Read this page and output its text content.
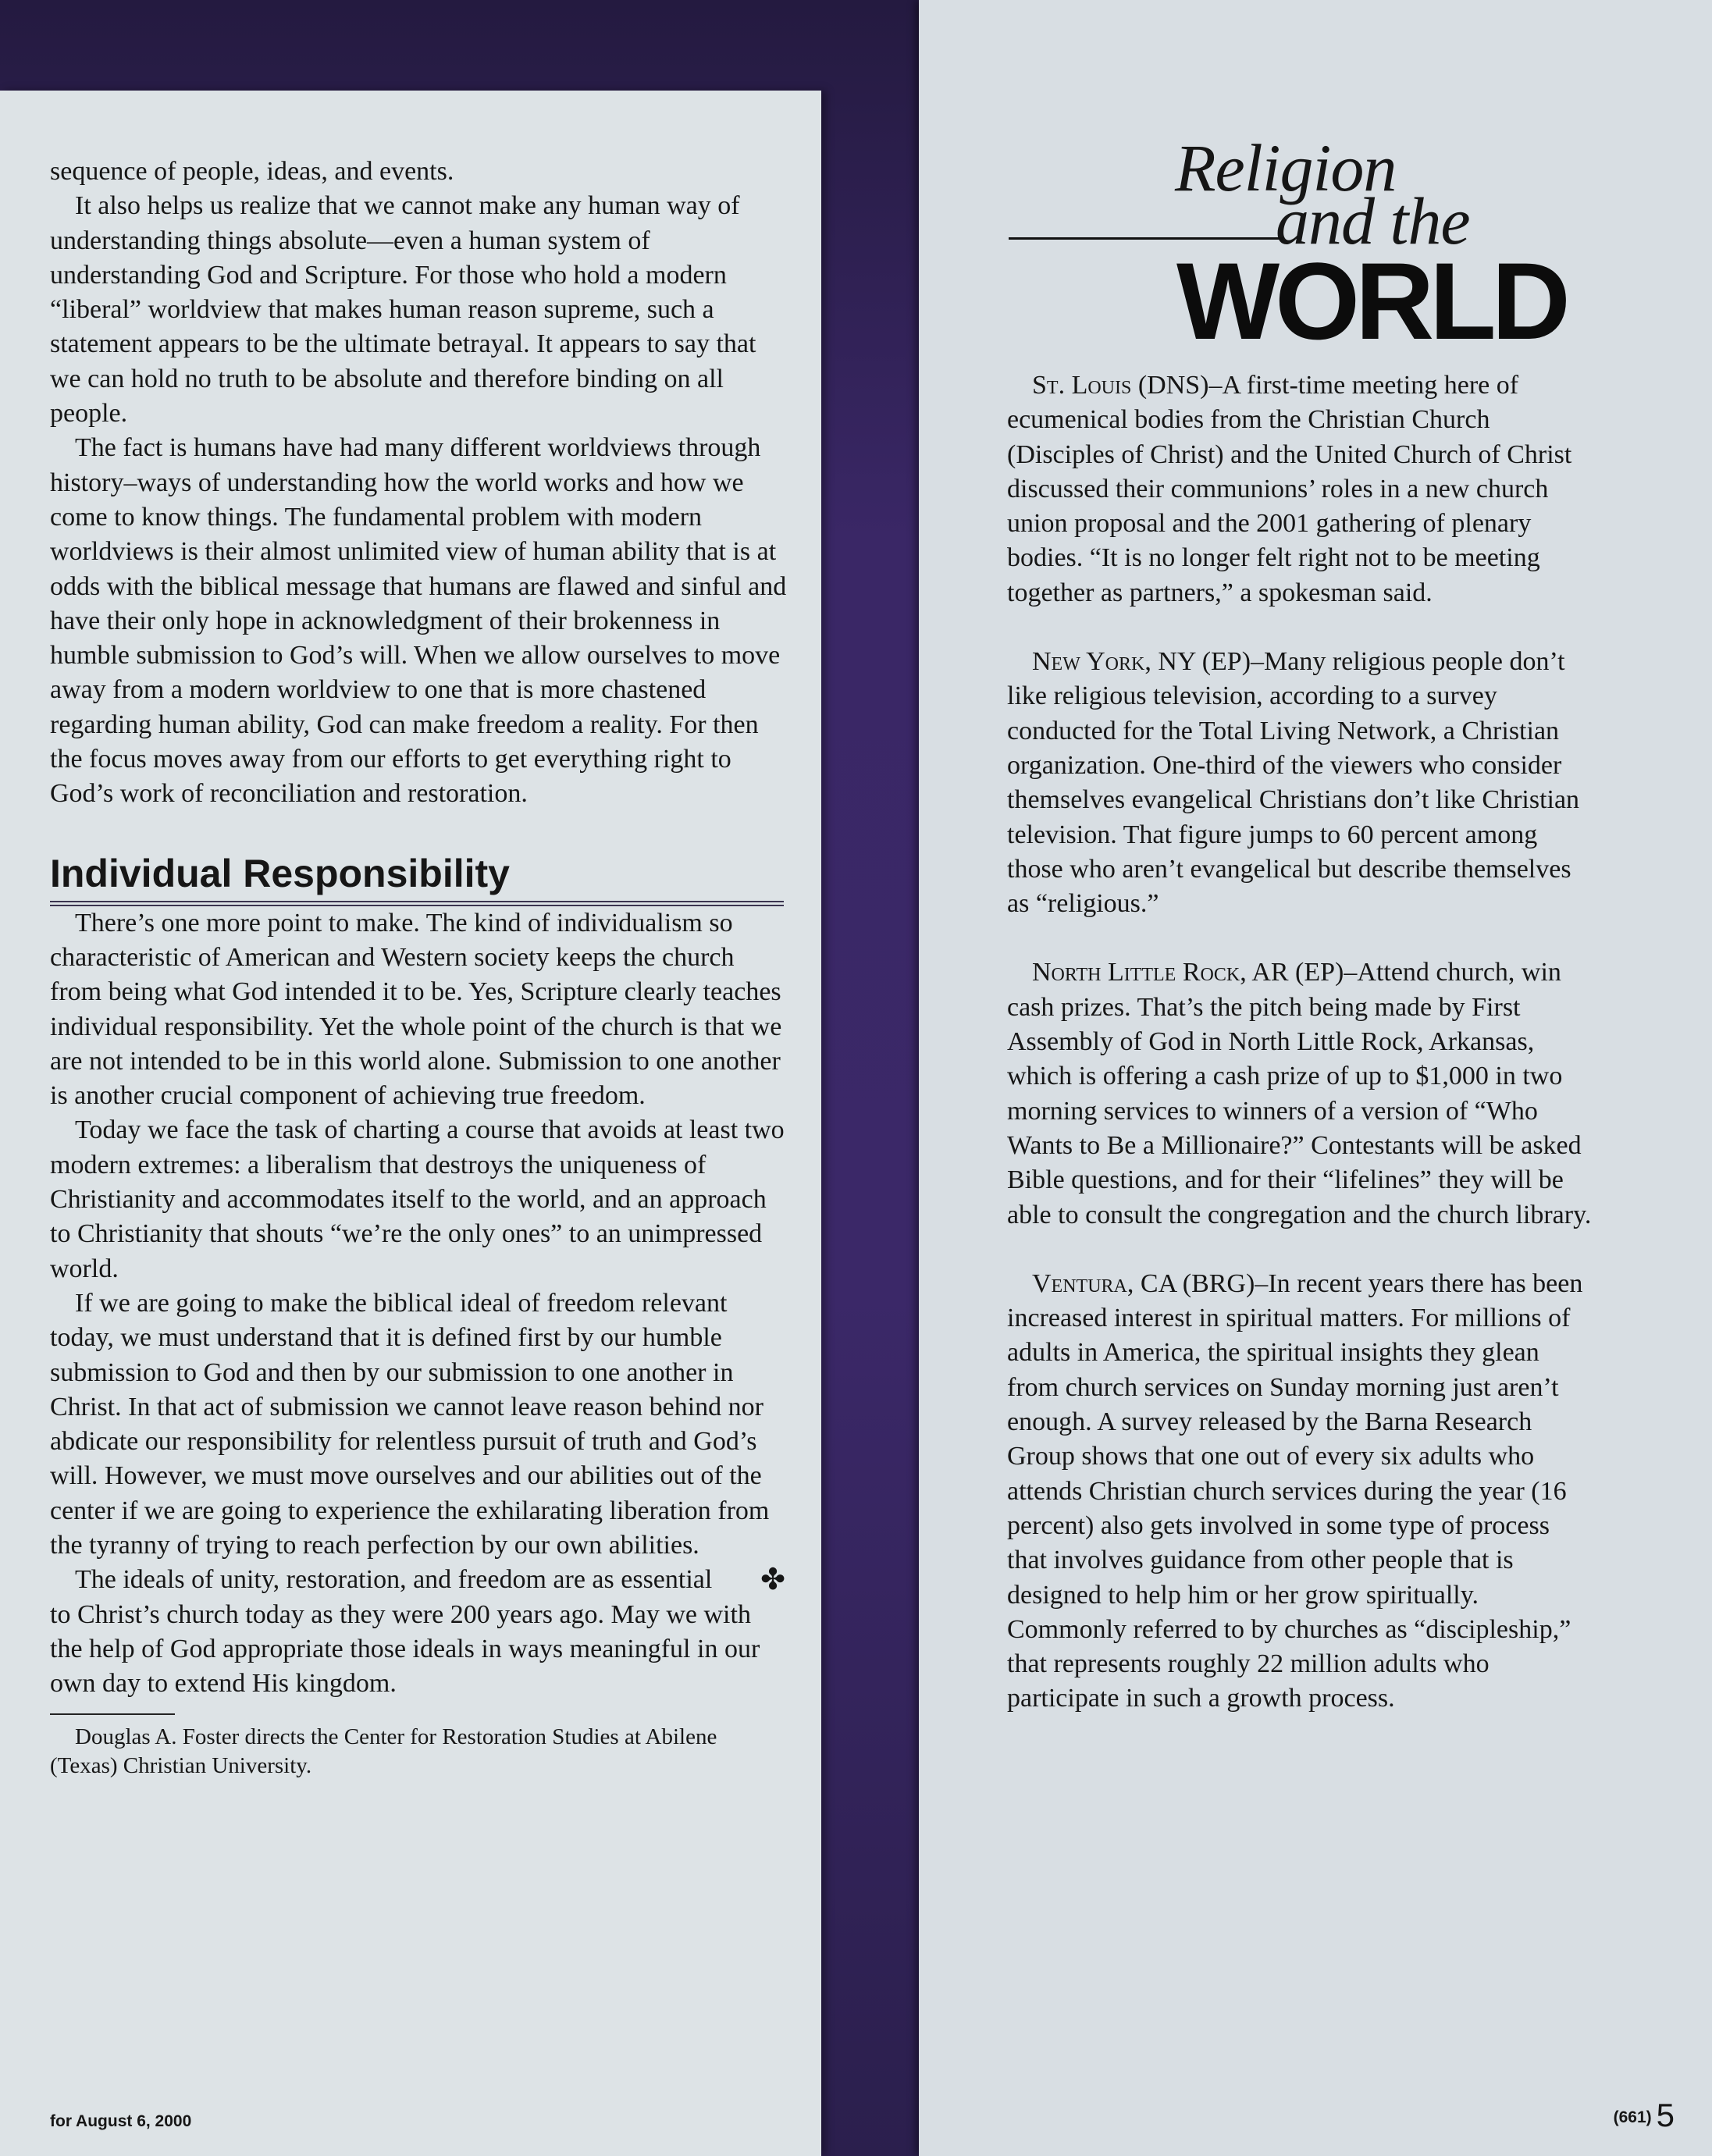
sequence of people, ideas, and events.

It also helps us realize that we cannot make any human way of understanding things absolute—even a human system of understanding God and Scripture. For those who hold a modern “liberal” worldview that makes human reason supreme, such a statement appears to be the ultimate betrayal. It appears to say that we can hold no truth to be absolute and therefore binding on all people.

The fact is humans have had many different worldviews through history–ways of understanding how the world works and how we come to know things. The fundamental problem with modern worldviews is their almost unlimited view of human ability that is at odds with the biblical message that humans are flawed and sinful and have their only hope in acknowledgment of their brokenness in humble submission to God’s will. When we allow ourselves to move away from a modern worldview to one that is more chastened regarding human ability, God can make freedom a reality. For then the focus moves away from our efforts to get everything right to God’s work of reconciliation and restoration.

Individual Responsibility

There’s one more point to make. The kind of individualism so characteristic of American and Western society keeps the church from being what God intended it to be. Yes, Scripture clearly teaches individual responsibility. Yet the whole point of the church is that we are not intended to be in this world alone. Submission to one another is another crucial component of achieving true freedom.

Today we face the task of charting a course that avoids at least two modern extremes: a liberalism that destroys the uniqueness of Christianity and accommodates itself to the world, and an approach to Christianity that shouts “we’re the only ones” to an unimpressed world.

If we are going to make the biblical ideal of freedom relevant today, we must understand that it is defined first by our humble submission to God and then by our submission to one another in Christ. In that act of submission we cannot leave reason behind nor abdicate our responsibility for relentless pursuit of truth and God’s will. However, we must move ourselves and our abilities out of the center if we are going to experience the exhilarating liberation from the tyranny of trying to reach perfection by our own abilities.

✤
The ideals of unity, restoration, and freedom are as essential to Christ’s church today as they were 200 years ago. May we with the help of God appropriate those ideals in ways meaningful in our own day to extend His kingdom.

Douglas A. Foster directs the Center for Restoration Studies at Abilene (Texas) Christian University.

for August 6, 2000
Religion
and the
WORLD

St. Louis (DNS)–A first-time meeting here of ecumenical bodies from the Christian Church (Disciples of Christ) and the United Church of Christ discussed their communions’ roles in a new church union proposal and the 2001 gathering of plenary bodies. “It is no longer felt right not to be meeting together as partners,” a spokesman said.

New York, NY (EP)–Many religious people don’t like religious television, according to a survey conducted for the Total Living Network, a Christian organization. One-third of the viewers who consider themselves evangelical Christians don’t like Christian television. That figure jumps to 60 percent among those who aren’t evangelical but describe themselves as “religious.”

North Little Rock, AR (EP)–Attend church, win cash prizes. That’s the pitch being made by First Assembly of God in North Little Rock, Arkansas, which is offering a cash prize of up to $1,000 in two morning services to winners of a version of “Who Wants to Be a Millionaire?” Contestants will be asked Bible questions, and for their “lifelines” they will be able to consult the congregation and the church library.

Ventura, CA (BRG)–In recent years there has been increased interest in spiritual matters. For millions of adults in America, the spiritual insights they glean from church services on Sunday morning just aren’t enough. A survey released by the Barna Research Group shows that one out of every six adults who attends Christian church services during the year (16 percent) also gets involved in some type of process that involves guidance from other people that is designed to help him or her grow spiritually. Commonly referred to by churches as “discipleship,” that represents roughly 22 million adults who participate in such a growth process.

(661) 5
